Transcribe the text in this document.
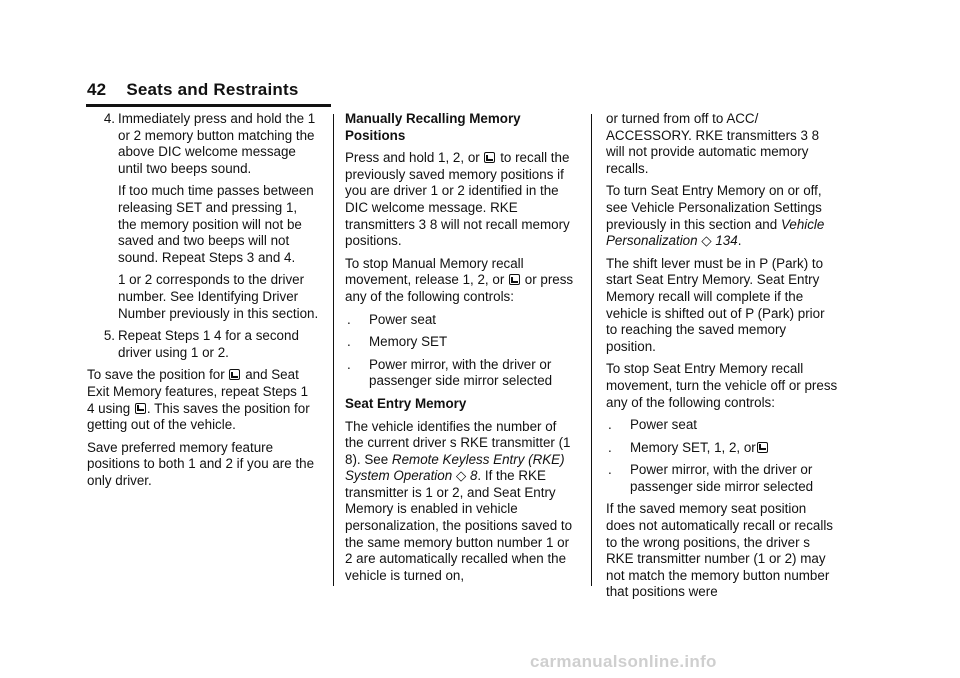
42 Seats and Restraints
4. Immediately press and hold the 1 or 2 memory button matching the above DIC welcome message until two beeps sound.

If too much time passes between releasing SET and pressing 1, the memory position will not be saved and two beeps will not sound. Repeat Steps 3 and 4.

1 or 2 corresponds to the driver number. See Identifying Driver Number previously in this section.

5. Repeat Steps 1 4 for a second driver using 1 or 2.

To save the position for and Seat Exit Memory features, repeat Steps 1 4 using . This saves the position for getting out of the vehicle.

Save preferred memory feature positions to both 1 and 2 if you are the only driver.

Manually Recalling Memory Positions

Press and hold 1, 2, or to recall the previously saved memory positions if you are driver 1 or 2 identified in the DIC welcome message. RKE transmitters 3 8 will not recall memory positions.

To stop Manual Memory recall movement, release 1, 2, or or press any of the following controls:

. Power seat
. Memory SET
. Power mirror, with the driver or passenger side mirror selected

Seat Entry Memory

The vehicle identifies the number of the current driver s RKE transmitter (1 8). See Remote Keyless Entry (RKE) System Operation ◇ 8. If the RKE transmitter is 1 or 2, and Seat Entry Memory is enabled in vehicle personalization, the positions saved to the same memory button number 1 or 2 are automatically recalled when the vehicle is turned on,

or turned from off to ACC/ ACCESSORY. RKE transmitters 3 8 will not provide automatic memory recalls.

To turn Seat Entry Memory on or off, see Vehicle Personalization Settings previously in this section and Vehicle Personalization ◇ 134.

The shift lever must be in P (Park) to start Seat Entry Memory. Seat Entry Memory recall will complete if the vehicle is shifted out of P (Park) prior to reaching the saved memory position.

To stop Seat Entry Memory recall movement, turn the vehicle off or press any of the following controls:

. Power seat
. Memory SET, 1, 2, or
. Power mirror, with the driver or passenger side mirror selected

If the saved memory seat position does not automatically recall or recalls to the wrong positions, the driver s RKE transmitter number (1 or 2) may not match the memory button number that positions were

carmanualsonline.info
